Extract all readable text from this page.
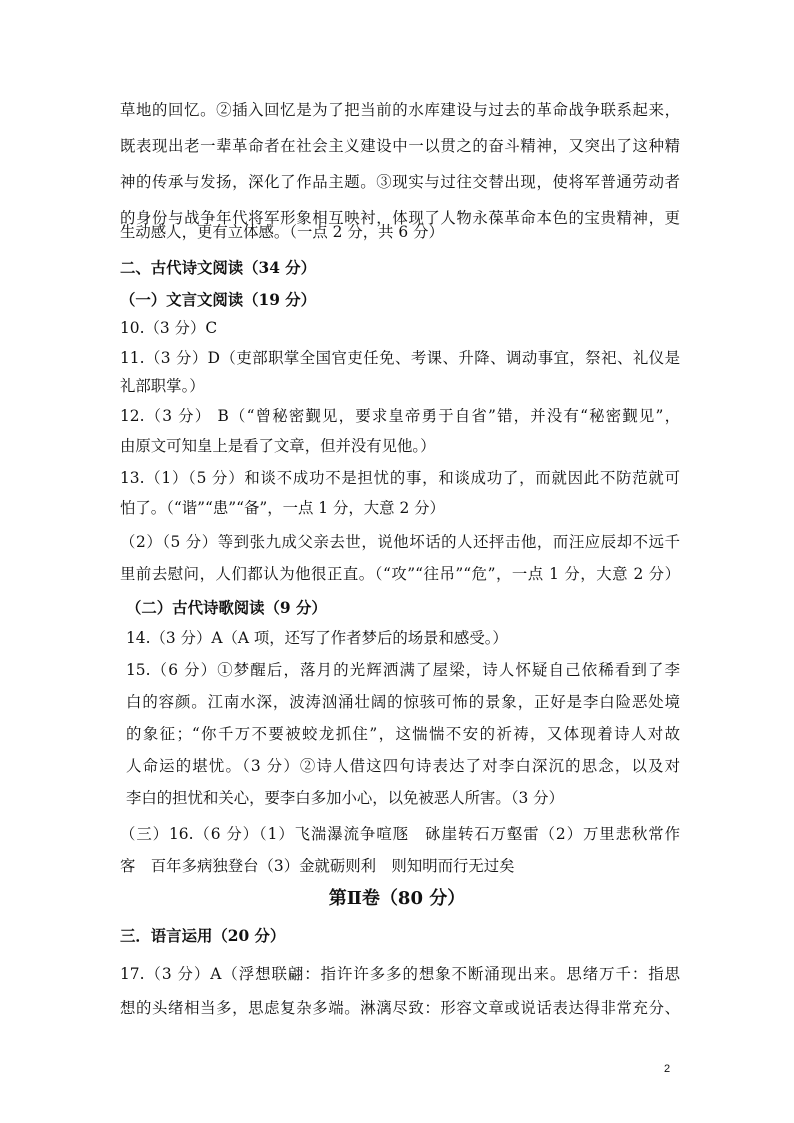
草地的回忆。②插入回忆是为了把当前的水库建设与过去的革命战争联系起来，
既表现出老一辈革命者在社会主义建设中一以贯之的奋斗精神，又突出了这种精
神的传承与发扬，深化了作品主题。③现实与过往交替出现，使将军普通劳动者
的身份与战争年代将军形象相互映衬，体现了人物永葆革命本色的宝贵精神，更
生动感人，更有立体感。（一点 2 分，共 6 分）
二、古代诗文阅读（34 分）
（一）文言文阅读（19 分）
10.（3 分）C
11.（3 分）D（吏部职掌全国官吏任免、考课、升降、调动事宜，祭祀、礼仪是
礼部职掌。）
12.（3 分） B（“曾秘密觐见，要求皇帝勇于自省”错，并没有“秘密觐见”，
由原文可知皇上是看了文章，但并没有见他。）
13.（1）（5 分）和谈不成功不是担忧的事，和谈成功了，而就因此不防范就可
怕了。（“谐”“患”“备”，一点 1 分，大意 2 分）
（2）（5 分）等到张九成父亲去世，说他坏话的人还抨击他，而汪应辰却不远千
里前去慰问，人们都认为他很正直。（“攻”“往吊”“危”，一点 1 分，大意 2 分）
（二）古代诗歌阅读（9 分）
14.（3 分）A（A 项，还写了作者梦后的场景和感受。）
15.（6 分）①梦醒后，落月的光辉洒满了屋梁，诗人怀疑自己依稀看到了李
白的容颜。江南水深，波涛汹涌壮阔的惊骇可怖的景象，正好是李白险恶处境
的象征；“你千万不要被蛟龙抓住”，这惴惴不安的祈祷，又体现着诗人对故
人命运的堪忧。（3 分）②诗人借这四句诗表达了对李白深沉的思念，以及对
李白的担忧和关心，要李白多加小心，以免被恶人所害。（3 分）
（三）16.（6 分）（1）飞湍瀑流争喧豗　砯崖转石万壑雷（2）万里悲秋常作
客　百年多病独登台（3）金就砺则利　则知明而行无过矣
第Ⅱ卷（80 分）
三．语言运用（20 分）
17.（3 分）A（浮想联翩：指许许多多的想象不断涌现出来。思绪万千：指思
想的头绪相当多，思虑复杂多端。淋漓尽致：形容文章或说话表达得非常充分、
2
